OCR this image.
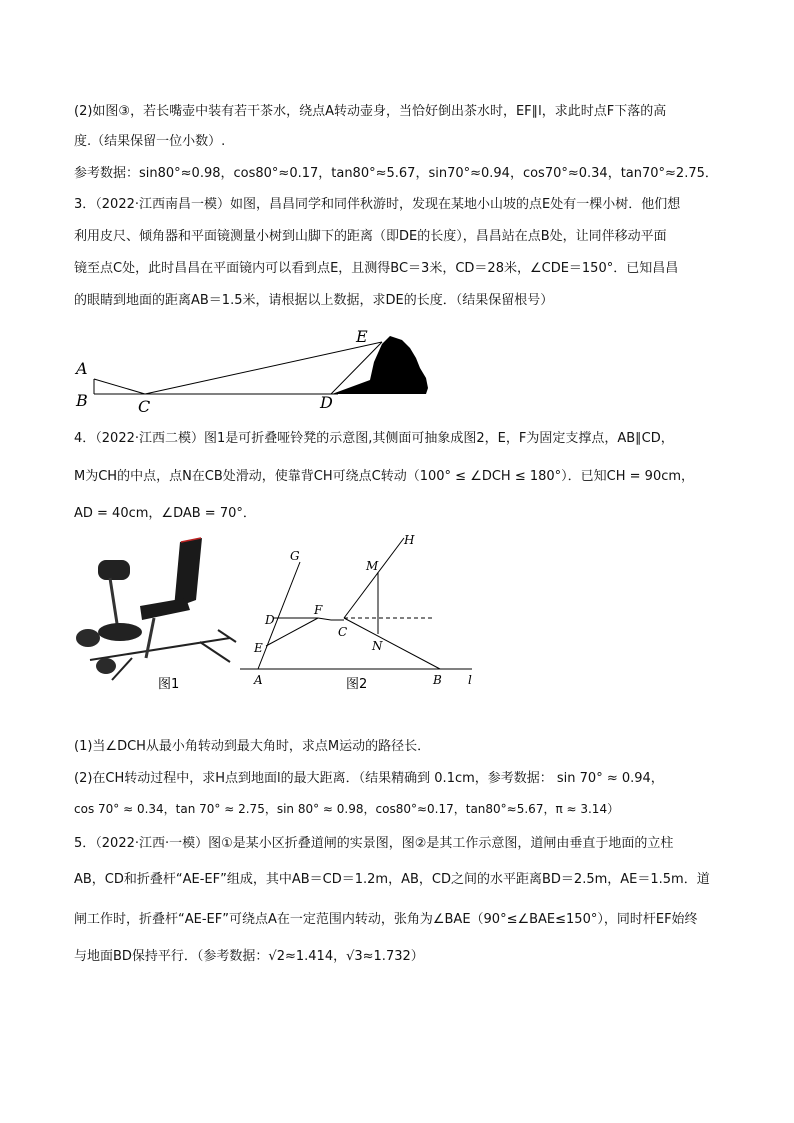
(2)如图③，若长嘴壶中装有若干茶水，绕点A转动壶身，当恰好倒出茶水时，EF∥l，求此时点F下落的高
度.（结果保留一位小数）.
参考数据：sin80°≈0.98，cos80°≈0.17，tan80°≈5.67，sin70°≈0.94，cos70°≈0.34，tan70°≈2.75．
3．（2022·江西南昌一模）如图，昌昌同学和同伴秋游时，发现在某地小山坡的点E处有一棵小树．他们想
利用皮尺、倾角器和平面镜测量小树到山脚下的距离（即DE的长度），昌昌站在点B处，让同伴移动平面
镜至点C处，此时昌昌在平面镜内可以看到点E，且测得BC＝3米，CD＝28米，∠CDE＝150°．已知昌昌
的眼睛到地面的距离AB＝1.5米，请根据以上数据，求DE的长度．（结果保留根号）
A
B	C	D
E
4．（2022·江西二模）图1是可折叠哑铃凳的示意图,其侧面可抽象成图2，E，F为固定支撑点，AB∥CD，
M为CH的中点，点N在CB处滑动，使靠背CH可绕点C转动（100° ≤ ∠DCH ≤ 180°）．已知CH = 90cm，
AD = 40cm，∠DAB = 70°．
图1
G
H
M
D
F
C
E	N
A	B l
图2
(1)当∠DCH从最小角转动到最大角时，求点M运动的路径长．
(2)在CH转动过程中，求H点到地面l的最大距离．（结果精确到 0.1cm，参考数据： sin 70° ≈ 0.94，
cos 70° ≈ 0.34，tan 70° ≈ 2.75，sin 80° ≈ 0.98，cos80°≈0.17，tan80°≈5.67，π ≈ 3.14）
5．（2022·江西·一模）图①是某小区折叠道闸的实景图，图②是其工作示意图，道闸由垂直于地面的立柱
AB，CD和折叠杆“AE-EF”组成，其中AB＝CD＝1.2m，AB，CD之间的水平距离BD＝2.5m，AE＝1.5m．道
闸工作时，折叠杆“AE-EF”可绕点A在一定范围内转动，张角为∠BAE（90°≤∠BAE≤150°），同时杆EF始终
与地面BD保持平行．（参考数据：√2≈1.414，√3≈1.732）
